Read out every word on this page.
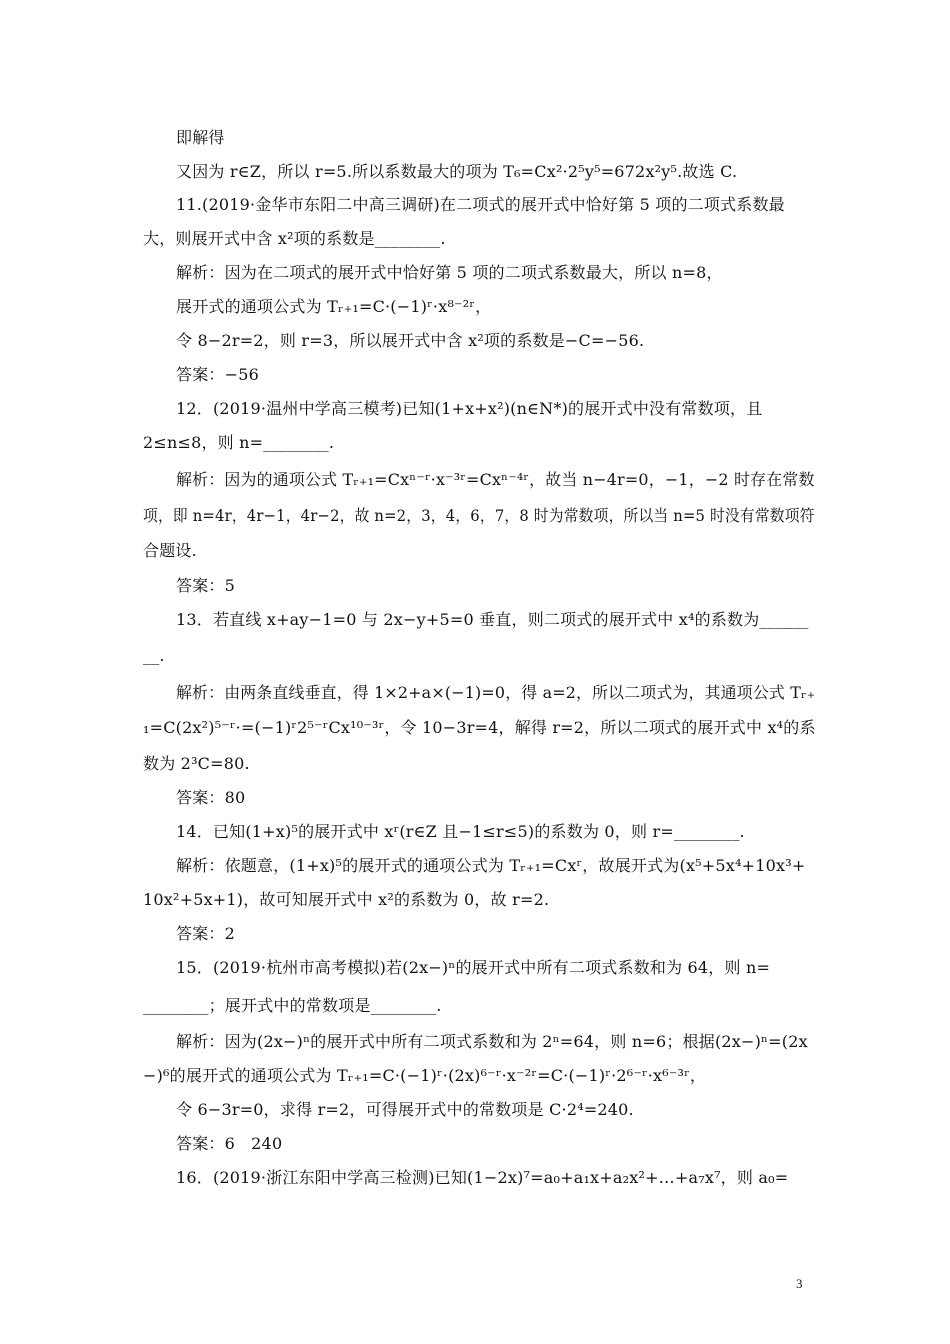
即解得
又因为 r∈Z，所以 r=5.所以系数最大的项为 T₆=Cx²·2⁵y⁵=672x²y⁵.故选 C.
11.(2019·金华市东阳二中高三调研)在二项式的展开式中恰好第 5 项的二项式系数最
大，则展开式中含 x²项的系数是________.
解析：因为在二项式的展开式中恰好第 5 项的二项式系数最大，所以 n=8，
展开式的通项公式为 Tᵣ₊₁=C·(−1)ʳ·x⁸⁻²ʳ，
令 8−2r=2，则 r=3，所以展开式中含 x²项的系数是−C=−56.
答案：−56
12．(2019·温州中学高三模考)已知(1+x+x²)(n∈N*)的展开式中没有常数项，且
2≤n≤8，则 n=________.
解析：因为的通项公式 Tᵣ₊₁=Cxⁿ⁻ʳ·x⁻³ʳ=Cxⁿ⁻⁴ʳ，故当 n−4r=0，−1，−2 时存在常数
项，即 n=4r，4r−1，4r−2，故 n=2，3，4，6，7，8 时为常数项，所以当 n=5 时没有常数项符
合题设.
答案：5
13．若直线 x+ay−1=0 与 2x−y+5=0 垂直，则二项式的展开式中 x⁴的系数为______
__.
解析：由两条直线垂直，得 1×2+a×(−1)=0，得 a=2，所以二项式为，其通项公式 Tᵣ₊
₁=C(2x²)⁵⁻ʳ·=(−1)ʳ2⁵⁻ʳCx¹⁰⁻³ʳ，令 10−3r=4，解得 r=2，所以二项式的展开式中 x⁴的系
数为 2³C=80.
答案：80
14．已知(1+x)⁵的展开式中 xʳ(r∈Z 且−1≤r≤5)的系数为 0，则 r=________.
解析：依题意，(1+x)⁵的展开式的通项公式为 Tᵣ₊₁=Cxʳ，故展开式为(x⁵+5x⁴+10x³+
10x²+5x+1)，故可知展开式中 x²的系数为 0，故 r=2.
答案：2
15．(2019·杭州市高考模拟)若(2x−)ⁿ的展开式中所有二项式系数和为 64，则 n=
________；展开式中的常数项是________.
解析：因为(2x−)ⁿ的展开式中所有二项式系数和为 2ⁿ=64，则 n=6；根据(2x−)ⁿ=(2x
−)⁶的展开式的通项公式为 Tᵣ₊₁=C·(−1)ʳ·(2x)⁶⁻ʳ·x⁻²ʳ=C·(−1)ʳ·2⁶⁻ʳ·x⁶⁻³ʳ，
令 6−3r=0，求得 r=2，可得展开式中的常数项是 C·2⁴=240.
答案：6　240
16．(2019·浙江东阳中学高三检测)已知(1−2x)⁷=a₀+a₁x+a₂x²+…+a₇x⁷，则 a₀=
3
